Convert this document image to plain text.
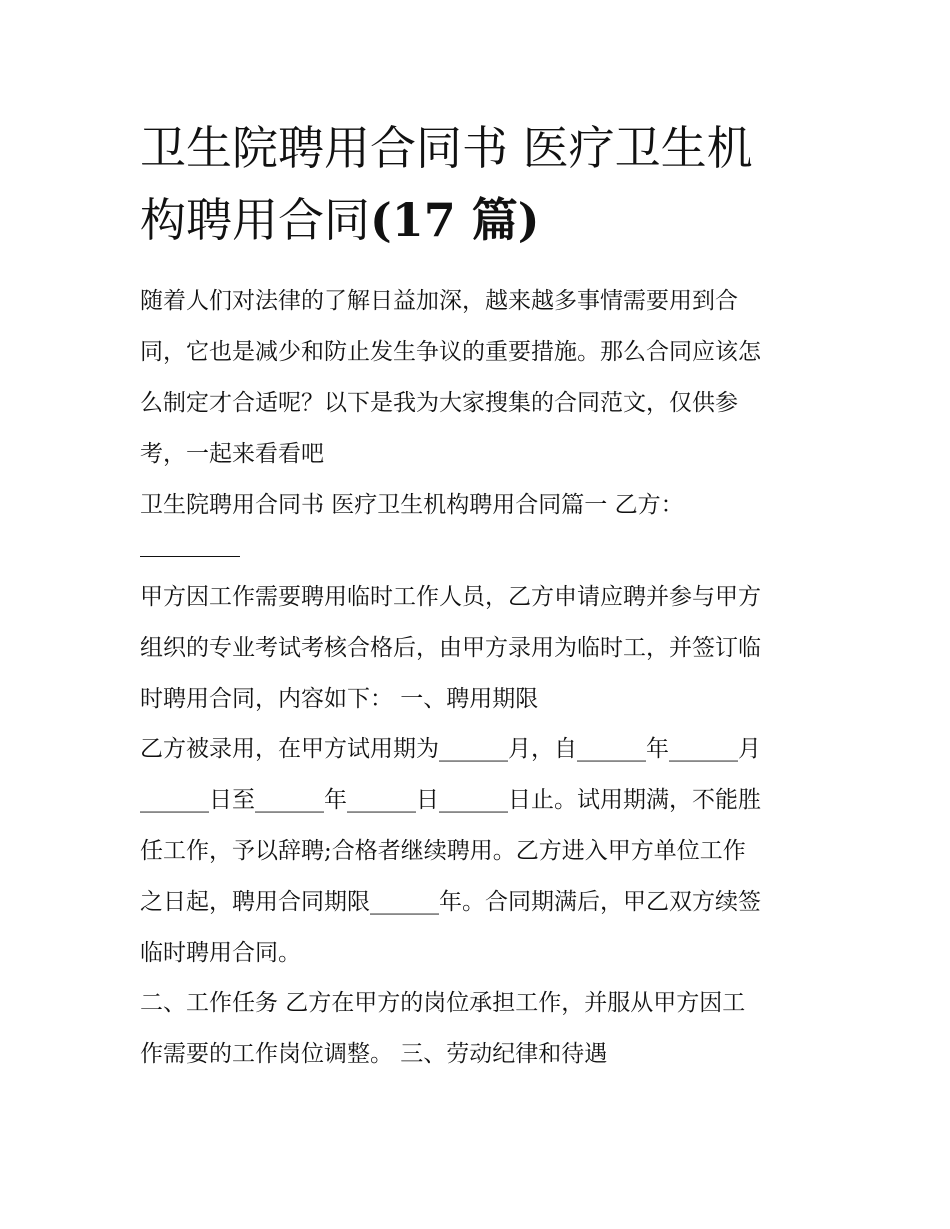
卫生院聘用合同书 医疗卫生机
构聘用合同(17 篇)

随着人们对法律的了解日益加深，越来越多事情需要用到合
同，它也是减少和防止发生争议的重要措施。那么合同应该怎
么制定才合适呢？以下是我为大家搜集的合同范文，仅供参
考，一起来看看吧

卫生院聘用合同书 医疗卫生机构聘用合同篇一 乙方：

甲方因工作需要聘用临时工作人员，乙方申请应聘并参与甲方
组织的专业考试考核合格后，由甲方录用为临时工，并签订临
时聘用合同，内容如下： 一、聘用期限

乙方被录用，在甲方试用期为______月，自______年______月
______日至______年______日______日止。试用期满，不能胜
任工作，予以辞聘;合格者继续聘用。乙方进入甲方单位工作
之日起，聘用合同期限______年。合同期满后，甲乙双方续签
临时聘用合同。

二、工作任务 乙方在甲方的岗位承担工作，并服从甲方因工
作需要的工作岗位调整。 三、劳动纪律和待遇
